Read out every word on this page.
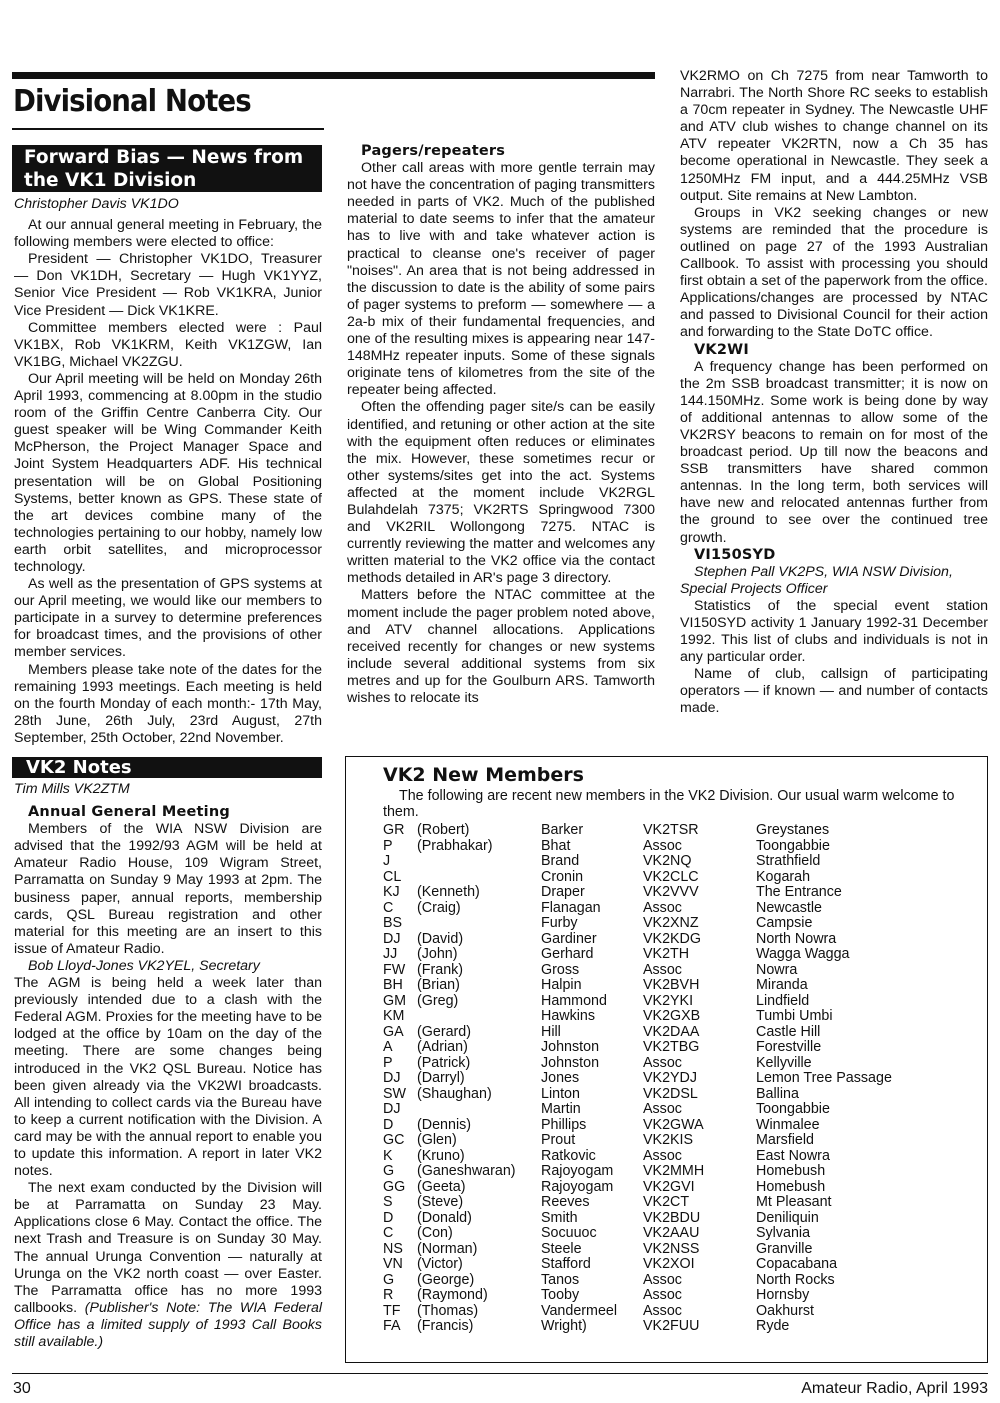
Divisional Notes
Forward Bias — News from
the VK1 Division

Christopher Davis VK1DO

At our annual general meeting in February, the following members were elected to office:

President — Christopher VK1DO, Treasurer — Don VK1DH, Secretary — Hugh VK1YYZ, Senior Vice President — Rob VK1KRA, Junior Vice President — Dick VK1KRE.

Committee members elected were : Paul VK1BX, Rob VK1KRM, Keith VK1ZGW, Ian VK1BG, Michael VK2ZGU.

Our April meeting will be held on Monday 26th April 1993, commencing at 8.00pm in the studio room of the Griffin Centre Canberra City. Our guest speaker will be Wing Commander Keith McPherson, the Project Manager Space and Joint System Headquarters ADF. His technical presentation will be on Global Positioning Systems, better known as GPS. These state of the art devices combine many of the technologies pertaining to our hobby, namely low earth orbit satellites, and microprocessor technology.

As well as the presentation of GPS systems at our April meeting, we would like our members to participate in a survey to determine preferences for broadcast times, and the provisions of other member services.

Members please take note of the dates for the remaining 1993 meetings. Each meeting is held on the fourth Monday of each month:- 17th May, 28th June, 26th July, 23rd August, 27th September, 25th October, 22nd November.

VK2 Notes

Tim Mills VK2ZTM

Annual General Meeting

Members of the WIA NSW Division are advised that the 1992/93 AGM will be held at Amateur Radio House, 109 Wigram Street, Parramatta on Sunday 9 May 1993 at 2pm. The business paper, annual reports, membership cards, QSL Bureau registration and other material for this meeting are an insert to this issue of Amateur Radio.

Bob Lloyd-Jones VK2YEL, Secretary

The AGM is being held a week later than previously intended due to a clash with the Federal AGM. Proxies for the meeting have to be lodged at the office by 10am on the day of the meeting. There are some changes being introduced in the VK2 QSL Bureau. Notice has been given already via the VK2WI broadcasts. All intending to collect cards via the Bureau have to keep a current notification with the Division. A card may be with the annual report to enable you to update this information. A report in later VK2 notes.

The next exam conducted by the Division will be at Parramatta on Sunday 23 May. Applications close 6 May. Contact the office. The next Trash and Treasure is on Sunday 30 May. The annual Urunga Convention — naturally at Urunga on the VK2 north coast — over Easter. The Parramatta office has no more 1993 callbooks. (Publisher's Note: The WIA Federal Office has a limited supply of 1993 Call Books still available.)

Pagers/repeaters

Other call areas with more gentle terrain may not have the concentration of paging transmitters needed in parts of VK2. Much of the published material to date seems to infer that the amateur has to live with and take whatever action is practical to cleanse one's receiver of pager "noises". An area that is not being addressed in the discussion to date is the ability of some pairs of pager systems to preform — somewhere — a 2a-b mix of their fundamental frequencies, and one of the resulting mixes is appearing near 147-148MHz repeater inputs. Some of these signals originate tens of kilometres from the site of the repeater being affected.

Often the offending pager site/s can be easily identified, and retuning or other action at the site with the equipment often reduces or eliminates the mix. However, these sometimes recur or other systems/sites get into the act. Systems affected at the moment include VK2RGL Bulahdelah 7375; VK2RTS Springwood 7300 and VK2RIL Wollongong 7275. NTAC is currently reviewing the matter and welcomes any written material to the VK2 office via the contact methods detailed in AR's page 3 directory.

Matters before the NTAC committee at the moment include the pager problem noted above, and ATV channel allocations. Applications received recently for changes or new systems include several additional systems from six metres and up for the Goulburn ARS. Tamworth wishes to relocate its

VK2RMO on Ch 7275 from near Tamworth to Narrabri. The North Shore RC seeks to establish a 70cm repeater in Sydney. The Newcastle UHF and ATV club wishes to change channel on its ATV repeater VK2RTN, now a Ch 35 has become operational in Newcastle. They seek a 1250MHz FM input, and a 444.25MHz VSB output. Site remains at New Lambton.

Groups in VK2 seeking changes or new systems are reminded that the procedure is outlined on page 27 of the 1993 Australian Callbook. To assist with processing you should first obtain a set of the paperwork from the office. Applications/changes are processed by NTAC and passed to Divisional Council for their action and forwarding to the State DoTC office.

VK2WI

A frequency change has been performed on the 2m SSB broadcast transmitter; it is now on 144.150MHz. Some work is being done by way of additional antennas to allow some of the VK2RSY beacons to remain on for most of the broadcast period. Up till now the beacons and SSB transmitters have shared common antennas. In the long term, both services will have new and relocated antennas further from the ground to see over the continued tree growth.

VI150SYD

Stephen Pall VK2PS, WIA NSW Division,

Special Projects Officer

Statistics of the special event station VI150SYD activity 1 January 1992-31 December 1992. This list of clubs and individuals is not in any particular order.

Name of club, callsign of participating operators — if known — and number of contacts made.

VK2 New Members
The following are recent new members in the VK2 Division. Our usual warm welcome to them.
GR	(Robert)	Barker	VK2TSR	Greystanes
P	(Prabhakar)	Bhat	Assoc	Toongabbie
J		Brand	VK2NQ	Strathfield
CL		Cronin	VK2CLC	Kogarah
KJ	(Kenneth)	Draper	VK2VVV	The Entrance
C	(Craig)	Flanagan	Assoc	Newcastle
BS		Furby	VK2XNZ	Campsie
DJ	(David)	Gardiner	VK2KDG	North Nowra
JJ	(John)	Gerhard	VK2TH	Wagga Wagga
FW	(Frank)	Gross	Assoc	Nowra
BH	(Brian)	Halpin	VK2BVH	Miranda
GM	(Greg)	Hammond	VK2YKI	Lindfield
KM		Hawkins	VK2GXB	Tumbi Umbi
GA	(Gerard)	Hill	VK2DAA	Castle Hill
A	(Adrian)	Johnston	VK2TBG	Forestville
P	(Patrick)	Johnston	Assoc	Kellyville
DJ	(Darryl)	Jones	VK2YDJ	Lemon Tree Passage
SW	(Shaughan)	Linton	VK2DSL	Ballina
DJ		Martin	Assoc	Toongabbie
D	(Dennis)	Phillips	VK2GWA	Winmalee
GC	(Glen)	Prout	VK2KIS	Marsfield
K	(Kruno)	Ratkovic	Assoc	East Nowra
G	(Ganeshwaran)	Rajoyogam	VK2MMH	Homebush
GG	(Geeta)	Rajoyogam	VK2GVI	Homebush
S	(Steve)	Reeves	VK2CT	Mt Pleasant
D	(Donald)	Smith	VK2BDU	Deniliquin
C	(Con)	Socuuoc	VK2AAU	Sylvania
NS	(Norman)	Steele	VK2NSS	Granville
VN	(Victor)	Stafford	VK2XOI	Copacabana
G	(George)	Tanos	Assoc	North Rocks
R	(Raymond)	Tooby	Assoc	Hornsby
TF	(Thomas)	Vandermeel	Assoc	Oakhurst
FA	(Francis)	Wright)	VK2FUU	Ryde
30	Amateur Radio, April 1993
